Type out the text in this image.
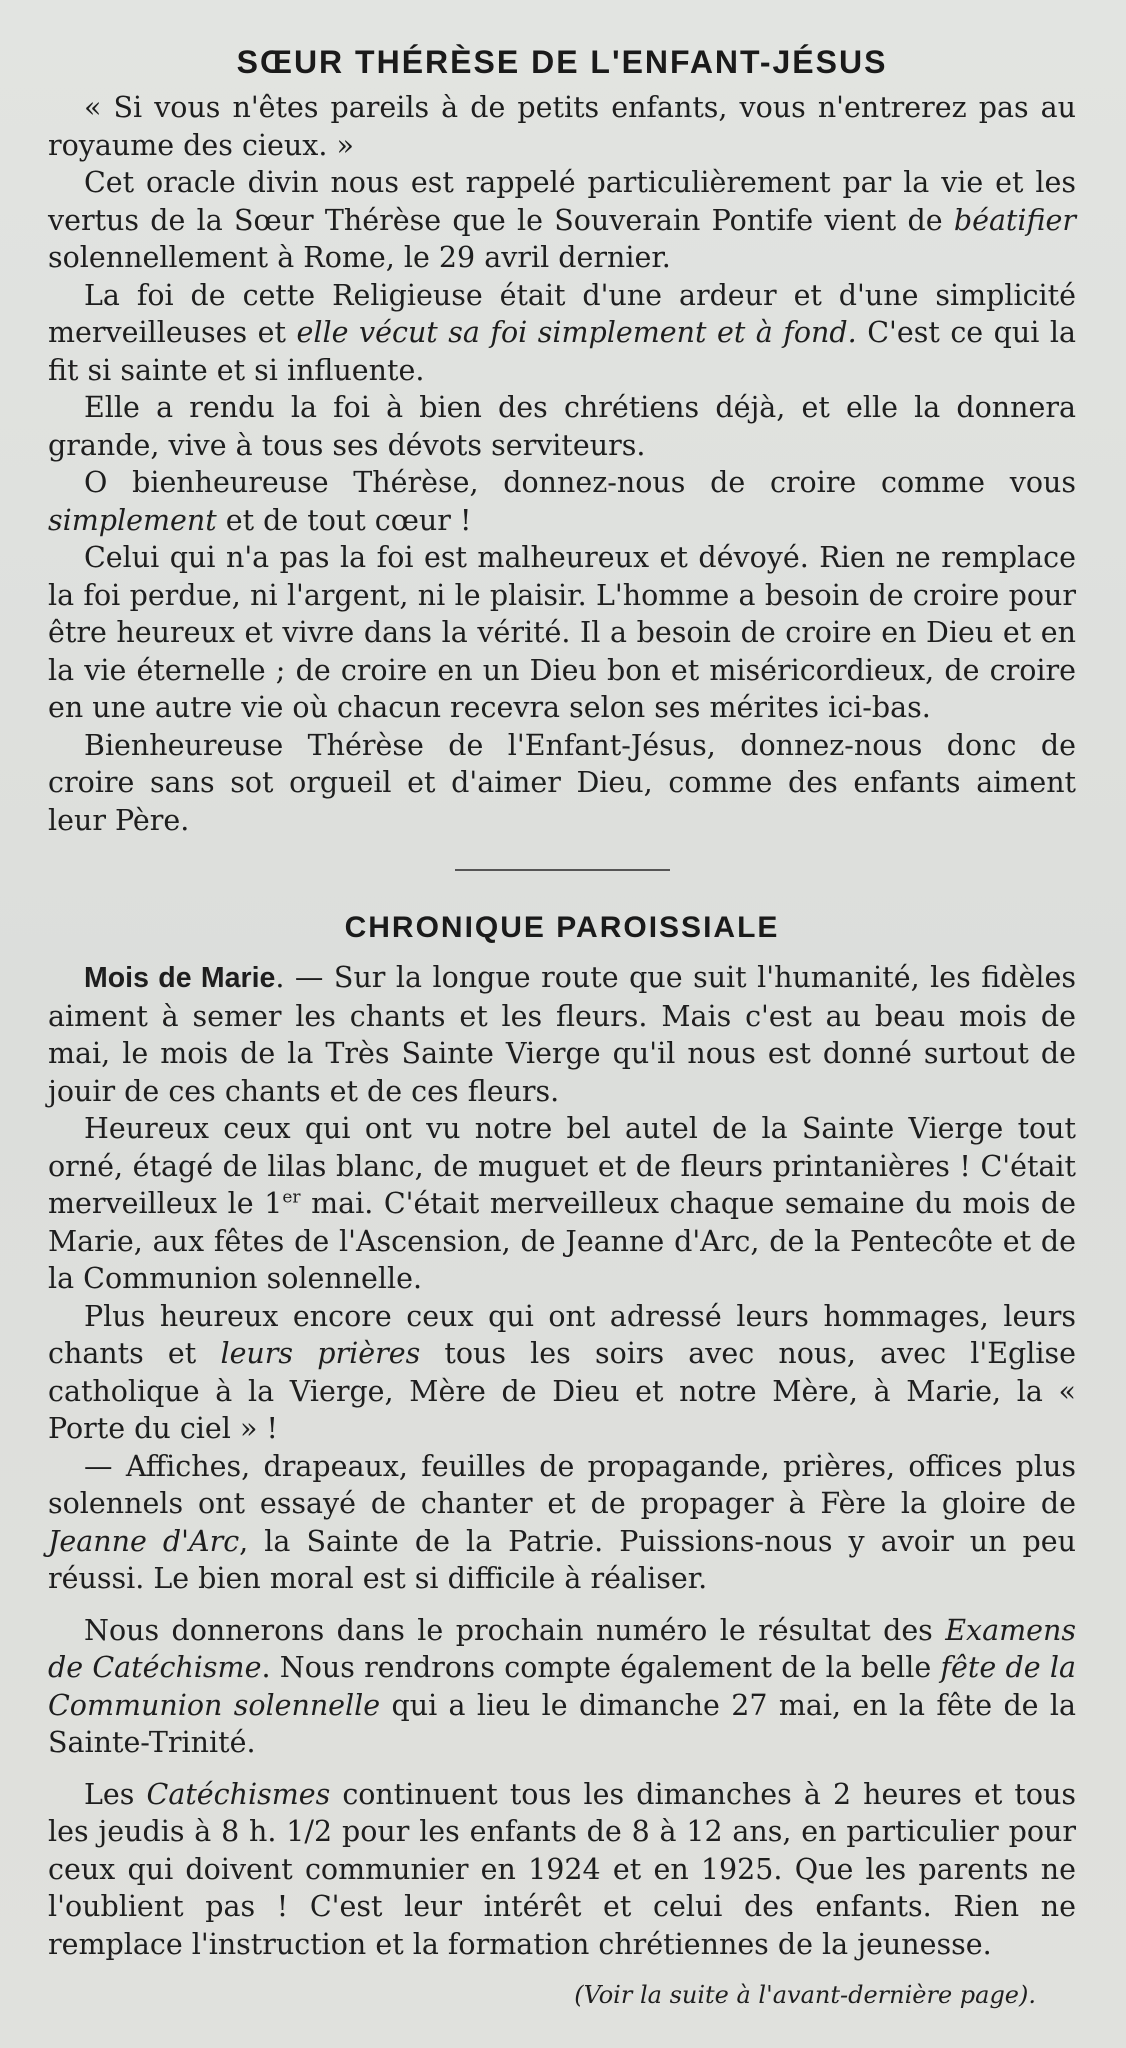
SŒUR THÉRÈSE DE L'ENFANT-JÉSUS

« Si vous n'êtes pareils à de petits enfants, vous n'entrerez pas au royaume des cieux. »

Cet oracle divin nous est rappelé particulièrement par la vie et les vertus de la Sœur Thérèse que le Souverain Pontife vient de béatifier solennellement à Rome, le 29 avril dernier.

La foi de cette Religieuse était d'une ardeur et d'une simplicité merveilleuses et elle vécut sa foi simplement et à fond. C'est ce qui la fit si sainte et si influente.

Elle a rendu la foi à bien des chrétiens déjà, et elle la donnera grande, vive à tous ses dévots serviteurs.

O bienheureuse Thérèse, donnez-nous de croire comme vous simplement et de tout cœur !

Celui qui n'a pas la foi est malheureux et dévoyé. Rien ne remplace la foi perdue, ni l'argent, ni le plaisir. L'homme a besoin de croire pour être heureux et vivre dans la vérité. Il a besoin de croire en Dieu et en la vie éternelle ; de croire en un Dieu bon et miséricordieux, de croire en une autre vie où chacun recevra selon ses mérites ici-bas.

Bienheureuse Thérèse de l'Enfant-Jésus, donnez-nous donc de croire sans sot orgueil et d'aimer Dieu, comme des enfants aiment leur Père.

CHRONIQUE PAROISSIALE

Mois de Marie. — Sur la longue route que suit l'humanité, les fidèles aiment à semer les chants et les fleurs. Mais c'est au beau mois de mai, le mois de la Très Sainte Vierge qu'il nous est donné surtout de jouir de ces chants et de ces fleurs.

Heureux ceux qui ont vu notre bel autel de la Sainte Vierge tout orné, étagé de lilas blanc, de muguet et de fleurs printanières ! C'était merveilleux le 1er mai. C'était merveilleux chaque semaine du mois de Marie, aux fêtes de l'Ascension, de Jeanne d'Arc, de la Pentecôte et de la Communion solennelle.

Plus heureux encore ceux qui ont adressé leurs hommages, leurs chants et leurs prières tous les soirs avec nous, avec l'Eglise catholique à la Vierge, Mère de Dieu et notre Mère, à Marie, la « Porte du ciel » !

— Affiches, drapeaux, feuilles de propagande, prières, offices plus solennels ont essayé de chanter et de propager à Fère la gloire de Jeanne d'Arc, la Sainte de la Patrie. Puissions-nous y avoir un peu réussi. Le bien moral est si difficile à réaliser.

Nous donnerons dans le prochain numéro le résultat des Examens de Catéchisme. Nous rendrons compte également de la belle fête de la Communion solennelle qui a lieu le dimanche 27 mai, en la fête de la Sainte-Trinité.

Les Catéchismes continuent tous les dimanches à 2 heures et tous les jeudis à 8 h. 1/2 pour les enfants de 8 à 12 ans, en particulier pour ceux qui doivent communier en 1924 et en 1925. Que les parents ne l'oublient pas ! C'est leur intérêt et celui des enfants. Rien ne remplace l'instruction et la formation chrétiennes de la jeunesse.

(Voir la suite à l'avant-dernière page).
